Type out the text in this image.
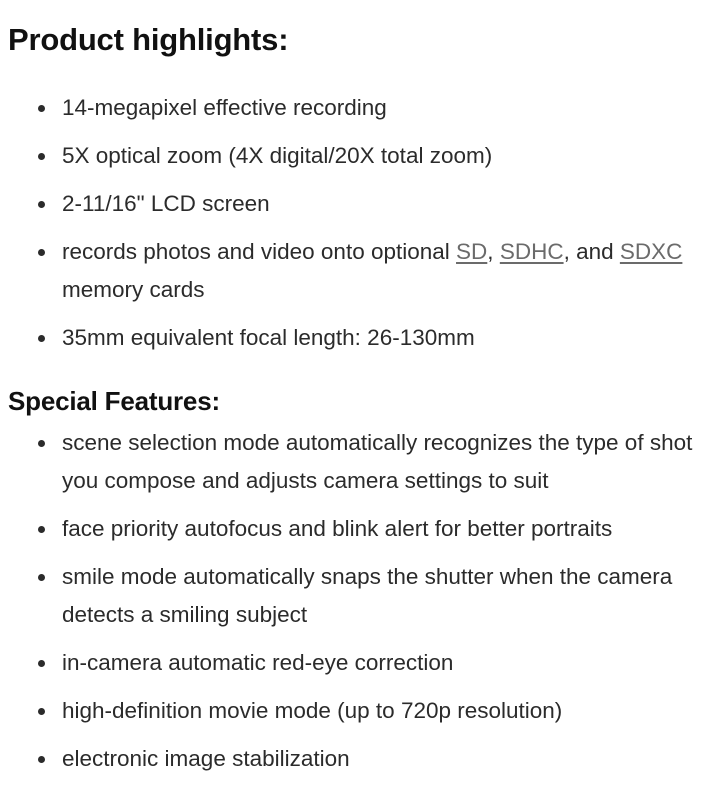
Product highlights:
14-megapixel effective recording
5X optical zoom (4X digital/20X total zoom)
2-11/16" LCD screen
records photos and video onto optional SD, SDHC, and SDXC memory cards
35mm equivalent focal length: 26-130mm
Special Features:
scene selection mode automatically recognizes the type of shot you compose and adjusts camera settings to suit
face priority autofocus and blink alert for better portraits
smile mode automatically snaps the shutter when the camera detects a smiling subject
in-camera automatic red-eye correction
high-definition movie mode (up to 720p resolution)
electronic image stabilization
